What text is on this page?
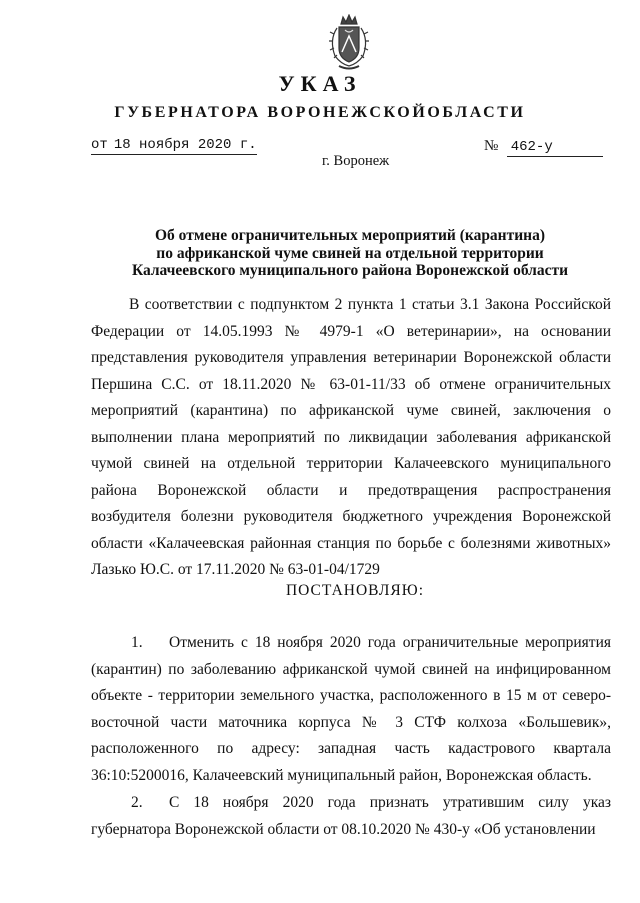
УКАЗ
ГУБЕРНАТОРА ВОРОНЕЖСКОЙОБЛАСТИ
от 18 ноября 2020 г.	№ 462-у
г. Воронеж
Об отмене ограничительных мероприятий (карантина)
по африканской чуме свиней на отдельной территории
Калачеевского муниципального района Воронежской области
В соответствии с подпунктом 2 пункта 1 статьи 3.1 Закона Российской Федерации от 14.05.1993 № 4979-1 «О ветеринарии», на основании представления руководителя управления ветеринарии Воронежской области Першина С.С. от 18.11.2020 № 63-01-11/33 об отмене ограничительных мероприятий (карантина) по африканской чуме свиней, заключения о выполнении плана мероприятий по ликвидации заболевания африканской чумой свиней на отдельной территории Калачеевского муниципального района Воронежской области и предотвращения распространения возбудителя болезни руководителя бюджетного учреждения Воронежской области «Калачеевская районная станция по борьбе с болезнями животных» Лазько Ю.С. от 17.11.2020 № 63-01-04/1729
ПОСТАНОВЛЯЮ:
1. Отменить с 18 ноября 2020 года ограничительные мероприятия (карантин) по заболеванию африканской чумой свиней на инфицированном объекте - территории земельного участка, расположенного в 15 м от северо-восточной части маточника корпуса № 3 СТФ колхоза «Большевик», расположенного по адресу: западная часть кадастрового квартала 36:10:5200016, Калачеевский муниципальный район, Воронежская область.
2. С 18 ноября 2020 года признать утратившим силу указ губернатора Воронежской области от 08.10.2020 № 430-у «Об установлении
